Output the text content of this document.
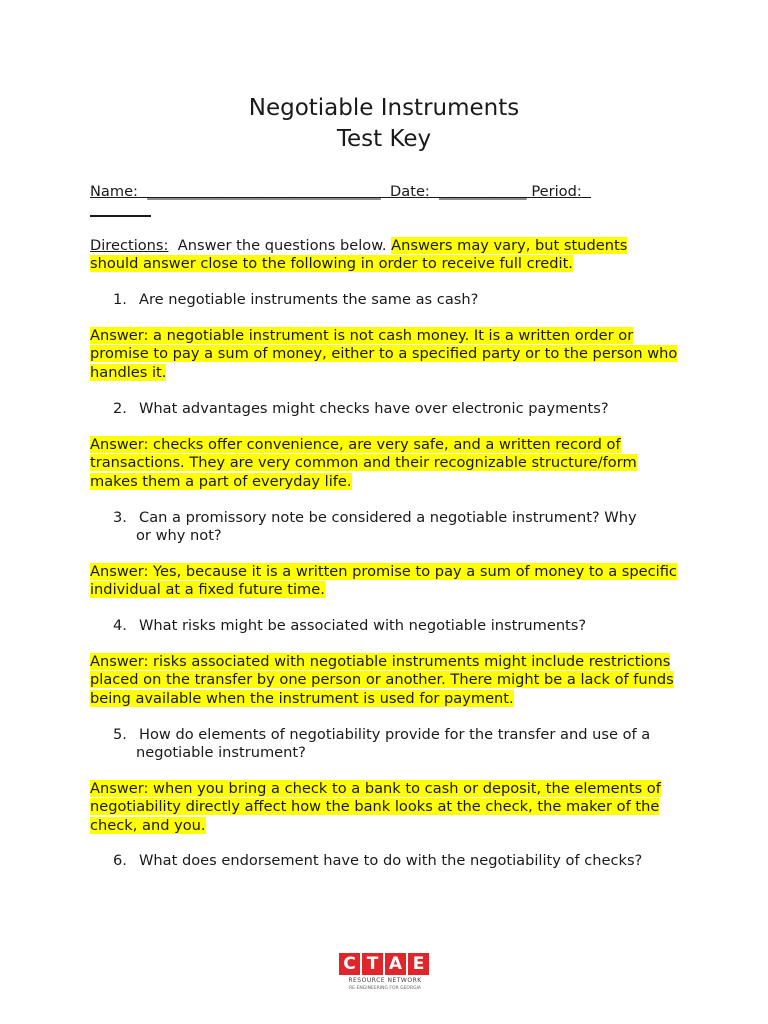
Negotiable Instruments
Test Key
Name:  ________________________________  Date:  ____________ Period:

Directions:  Answer the questions below. Answers may vary, but students should answer close to the following in order to receive full credit.

1. Are negotiable instruments the same as cash?

Answer: a negotiable instrument is not cash money. It is a written order or promise to pay a sum of money, either to a specified party or to the person who handles it.

2. What advantages might checks have over electronic payments?

Answer: checks offer convenience, are very safe, and a written record of transactions. They are very common and their recognizable structure/form makes them a part of everyday life.

3. Can a promissory note be considered a negotiable instrument? Why
or why not?

Answer: Yes, because it is a written promise to pay a sum of money to a specific individual at a fixed future time.

4. What risks might be associated with negotiable instruments?

Answer: risks associated with negotiable instruments might include restrictions placed on the transfer by one person or another. There might be a lack of funds being available when the instrument is used for payment.

5. How do elements of negotiability provide for the transfer and use of a
negotiable instrument?

Answer: when you bring a check to a bank to cash or deposit, the elements of negotiability directly affect how the bank looks at the check, the maker of the check, and you.

6. What does endorsement have to do with the negotiability of checks?
C T A E
RESOURCE NETWORK
RE-ENGINEERING FOR GEORGIA
